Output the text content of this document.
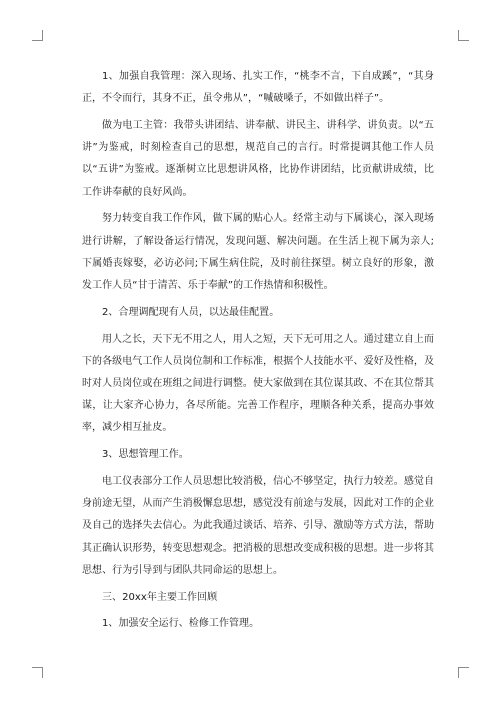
1、加强自我管理：深入现场、扎实工作，“桃李不言，下自成蹊”，“其身正，不令而行，其身不正，虽令弗从”，“喊破嗓子，不如做出样子”。

做为电工主管：我带头讲团结、讲奉献、讲民主、讲科学、讲负责。以“五讲”为鉴戒，时刻检查自己的思想，规范自己的言行。时常提调其他工作人员以“五讲”为鉴戒。逐渐树立比思想讲风格，比协作讲团结，比贡献讲成绩，比工作讲奉献的良好风尚。

努力转变自我工作作风，做下属的贴心人。经常主动与下属谈心，深入现场进行讲解，了解设备运行情况，发现问题、解决问题。在生活上视下属为亲人;下属婚丧嫁娶，必访必问;下属生病住院，及时前往探望。树立良好的形象，激发工作人员“甘于清苦、乐于奉献”的工作热情和积极性。

2、合理调配现有人员，以达最佳配置。

用人之长，天下无不用之人，用人之短，天下无可用之人。通过建立自上而下的各级电气工作人员岗位制和工作标准，根据个人技能水平、爱好及性格，及时对人员岗位或在班组之间进行调整。使大家做到在其位谋其政、不在其位帮其谋，让大家齐心协力，各尽所能。完善工作程序，理顺各种关系，提高办事效率，减少相互扯皮。

3、思想管理工作。

电工仪表部分工作人员思想比较消极，信心不够坚定，执行力较差。感觉自身前途无望，从而产生消极懈怠思想，感觉没有前途与发展，因此对工作的企业及自己的选择失去信心。为此我通过谈话、培养、引导、激励等方式方法，帮助其正确认识形势，转变思想观念。把消极的思想改变成积极的思想。进一步将其思想、行为引导到与团队共同命运的思想上。

三、20xx年主要工作回顾

1、加强安全运行、检修工作管理。
